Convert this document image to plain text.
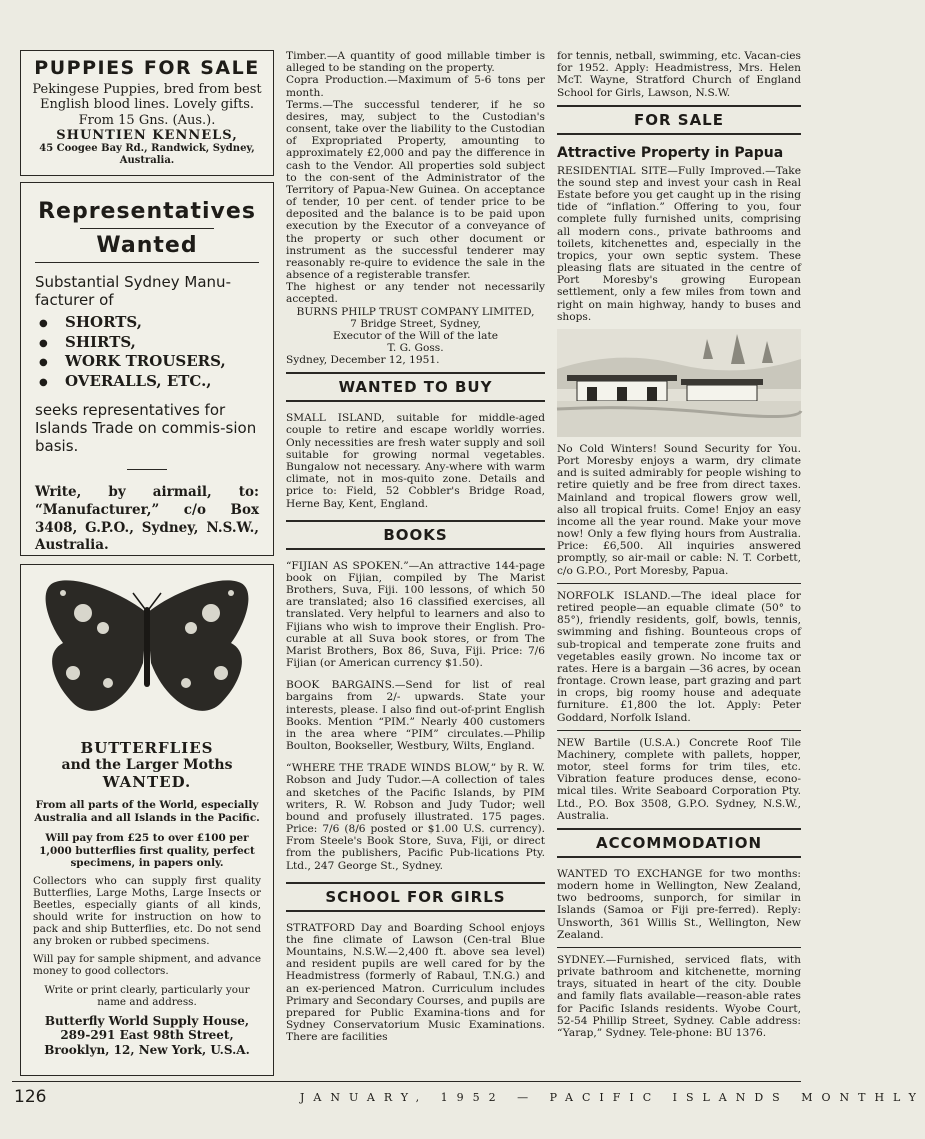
PUPPIES FOR SALE
Pekingese Puppies, bred from best English blood lines. Lovely gifts.
From 15 Gns. (Aus.).
SHUNTIEN KENNELS,
45 Coogee Bay Rd., Randwick, Sydney, Australia.
Representatives
Wanted
Substantial Sydney Manu-facturer of
● SHORTS,
● SHIRTS,
● WORK TROUSERS,
● OVERALLS, ETC.,
seeks representatives for Islands Trade on commis-sion basis.
Write, by airmail, to: “Manufacturer,” c/o Box 3408, G.P.O., Sydney, N.S.W., Australia.
BUTTERFLIES
and the Larger Moths
WANTED.
From all parts of the World, especially Australia and all Islands in the Pacific.
Will pay from £25 to over £100 per 1,000 butterflies first quality, perfect specimens, in papers only.
Collectors who can supply first quality Butterflies, Large Moths, Large Insects or Beetles, especially giants of all kinds, should write for instruction on how to pack and ship Butterflies, etc. Do not send any broken or rubbed specimens.
Will pay for sample shipment, and advance money to good collectors.
Write or print clearly, particularly your name and address.
Butterfly World Supply House,
289-291 East 98th Street, Brooklyn, 12, New York, U.S.A.
Timber.—A quantity of good millable timber is alleged to be standing on the property.
Copra Production.—Maximum of 5-6 tons per month.
Terms.—The successful tenderer, if he so desires, may, subject to the Custodian's consent, take over the liability to the Custodian of Expropriated Property, amounting to approximately £2,000 and pay the difference in cash to the Vendor. All properties sold subject to the con-sent of the Administrator of the Territory of Papua-New Guinea. On acceptance of tender, 10 per cent. of tender price to be deposited and the balance is to be paid upon execution by the Executor of a conveyance of the property or such other document or instrument as the successful tenderer may reasonably re-quire to evidence the sale in the absence of a registerable transfer.
The highest or any tender not necessarily accepted.
BURNS PHILP TRUST COMPANY LIMITED,
7 Bridge Street, Sydney,
Executor of the Will of the late
T. G. Goss.
Sydney, December 12, 1951.
WANTED TO BUY
SMALL ISLAND, suitable for middle-aged couple to retire and escape worldly worries. Only necessities are fresh water supply and soil suitable for growing normal vegetables. Bungalow not necessary. Any-where with warm climate, not in mos-quito zone. Details and price to: Field, 52 Cobbler's Bridge Road, Herne Bay, Kent, England.
BOOKS
“FIJIAN AS SPOKEN.”—An attractive 144-page book on Fijian, compiled by The Marist Brothers, Suva, Fiji. 100 lessons, of which 50 are translated; also 16 classified exercises, all translated. Very helpful to learners and also to Fijians who wish to improve their English. Pro-curable at all Suva book stores, or from The Marist Brothers, Box 86, Suva, Fiji. Price: 7/6 Fijian (or American currency $1.50).
BOOK BARGAINS.—Send for list of real bargains from 2/- upwards. State your interests, please. I also find out-of-print English Books. Mention “PIM.” Nearly 400 customers in the area where “PIM” circulates.—Philip Boulton, Bookseller, Westbury, Wilts, England.
“WHERE THE TRADE WINDS BLOW,” by R. W. Robson and Judy Tudor.—A collection of tales and sketches of the Pacific Islands, by PIM writers, R. W. Robson and Judy Tudor; well bound and profusely illustrated. 175 pages. Price: 7/6 (8/6 posted or $1.00 U.S. currency). From Steele's Book Store, Suva, Fiji, or direct from the publishers, Pacific Pub-lications Pty. Ltd., 247 George St., Sydney.
SCHOOL FOR GIRLS
STRATFORD Day and Boarding School enjoys the fine climate of Lawson (Cen-tral Blue Mountains, N.S.W.—2,400 ft. above sea level) and resident pupils are well cared for by the Headmistress (formerly of Rabaul, T.N.G.) and an ex-perienced Matron. Curriculum includes Primary and Secondary Courses, and pupils are prepared for Public Examina-tions and for Sydney Conservatorium Music Examinations. There are facilities
for tennis, netball, swimming, etc. Vacan-cies for 1952. Apply: Headmistress, Mrs. Helen McT. Wayne, Stratford Church of England School for Girls, Lawson, N.S.W.
FOR SALE
Attractive Property in Papua
RESIDENTIAL SITE—Fully Improved.—Take the sound step and invest your cash in Real Estate before you get caught up in the rising tide of “inflation.” Offering to you, four complete fully furnished units, comprising all modern cons., private bathrooms and toilets, kitchenettes and, especially in the tropics, your own septic system. These pleasing flats are situated in the centre of Port Moresby's growing European settlement, only a few miles from town and right on main highway, handy to buses and shops.
No Cold Winters! Sound Security for You. Port Moresby enjoys a warm, dry climate and is suited admirably for people wishing to retire quietly and be free from direct taxes. Mainland and tropical flowers grow well, also all tropical fruits. Come! Enjoy an easy income all the year round. Make your move now! Only a few flying hours from Australia. Price: £6,500. All inquiries answered promptly, so air-mail or cable: N. T. Corbett, c/o G.P.O., Port Moresby, Papua.
NORFOLK ISLAND.—The ideal place for retired people—an equable climate (50° to 85°), friendly residents, golf, bowls, tennis, swimming and fishing. Bounteous crops of sub-tropical and temperate zone fruits and vegetables easily grown. No income tax or rates. Here is a bargain —36 acres, by ocean frontage. Crown lease, part grazing and part in crops, big roomy house and adequate furniture. £1,800 the lot. Apply: Peter Goddard, Norfolk Island.
NEW Bartile (U.S.A.) Concrete Roof Tile Machinery, complete with pallets, hopper, motor, steel forms for trim tiles, etc. Vibration feature produces dense, econo-mical tiles. Write Seaboard Corporation Pty. Ltd., P.O. Box 3508, G.P.O. Sydney, N.S.W., Australia.
ACCOMMODATION
WANTED TO EXCHANGE for two months: modern home in Wellington, New Zealand, two bedrooms, sunporch, for similar in Islands (Samoa or Fiji pre-ferred). Reply: Unsworth, 361 Willis St., Wellington, New Zealand.
SYDNEY.—Furnished, serviced flats, with private bathroom and kitchenette, morning trays, situated in heart of the city. Double and family flats available—reason-able rates for Pacific Islands residents. Wyobe Court, 52-54 Phillip Street, Sydney. Cable address: “Yarap,” Sydney. Tele-phone: BU 1376.
126	JANUARY, 1952 — PACIFIC ISLANDS MONTHLY
